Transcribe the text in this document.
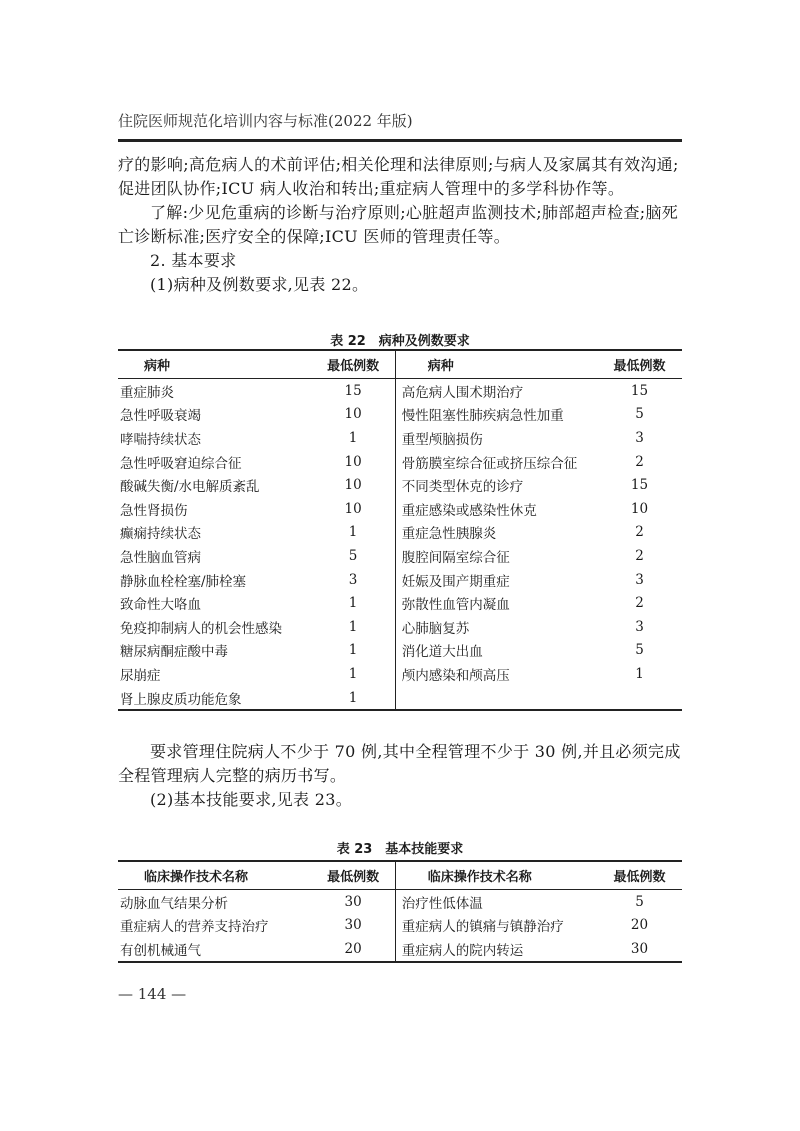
住院医师规范化培训内容与标准(2022 年版)
疗的影响;高危病人的术前评估;相关伦理和法律原则;与病人及家属其有效沟通;促进团队协作;ICU 病人收治和转出;重症病人管理中的多学科协作等。
了解:少见危重病的诊断与治疗原则;心脏超声监测技术;肺部超声检查;脑死亡诊断标准;医疗安全的保障;ICU 医师的管理责任等。
2. 基本要求
(1)病种及例数要求,见表 22。
表 22　病种及例数要求
病种	最低例数	病种	最低例数
重症肺炎	15	高危病人围术期治疗	15
急性呼吸衰竭	10	慢性阻塞性肺疾病急性加重	5
哮喘持续状态	1	重型颅脑损伤	3
急性呼吸窘迫综合征	10	骨筋膜室综合征或挤压综合征	2
酸碱失衡/水电解质紊乱	10	不同类型休克的诊疗	15
急性肾损伤	10	重症感染或感染性休克	10
癫痫持续状态	1	重症急性胰腺炎	2
急性脑血管病	5	腹腔间隔室综合征	2
静脉血栓栓塞/肺栓塞	3	妊娠及围产期重症	3
致命性大咯血	1	弥散性血管内凝血	2
免疫抑制病人的机会性感染	1	心肺脑复苏	3
糖尿病酮症酸中毒	1	消化道大出血	5
尿崩症	1	颅内感染和颅高压	1
肾上腺皮质功能危象	1		
要求管理住院病人不少于 70 例,其中全程管理不少于 30 例,并且必须完成全程管理病人完整的病历书写。
(2)基本技能要求,见表 23。
表 23　基本技能要求
临床操作技术名称	最低例数	临床操作技术名称	最低例数
动脉血气结果分析	30	治疗性低体温	5
重症病人的营养支持治疗	30	重症病人的镇痛与镇静治疗	20
有创机械通气	20	重症病人的院内转运	30
— 144 —
